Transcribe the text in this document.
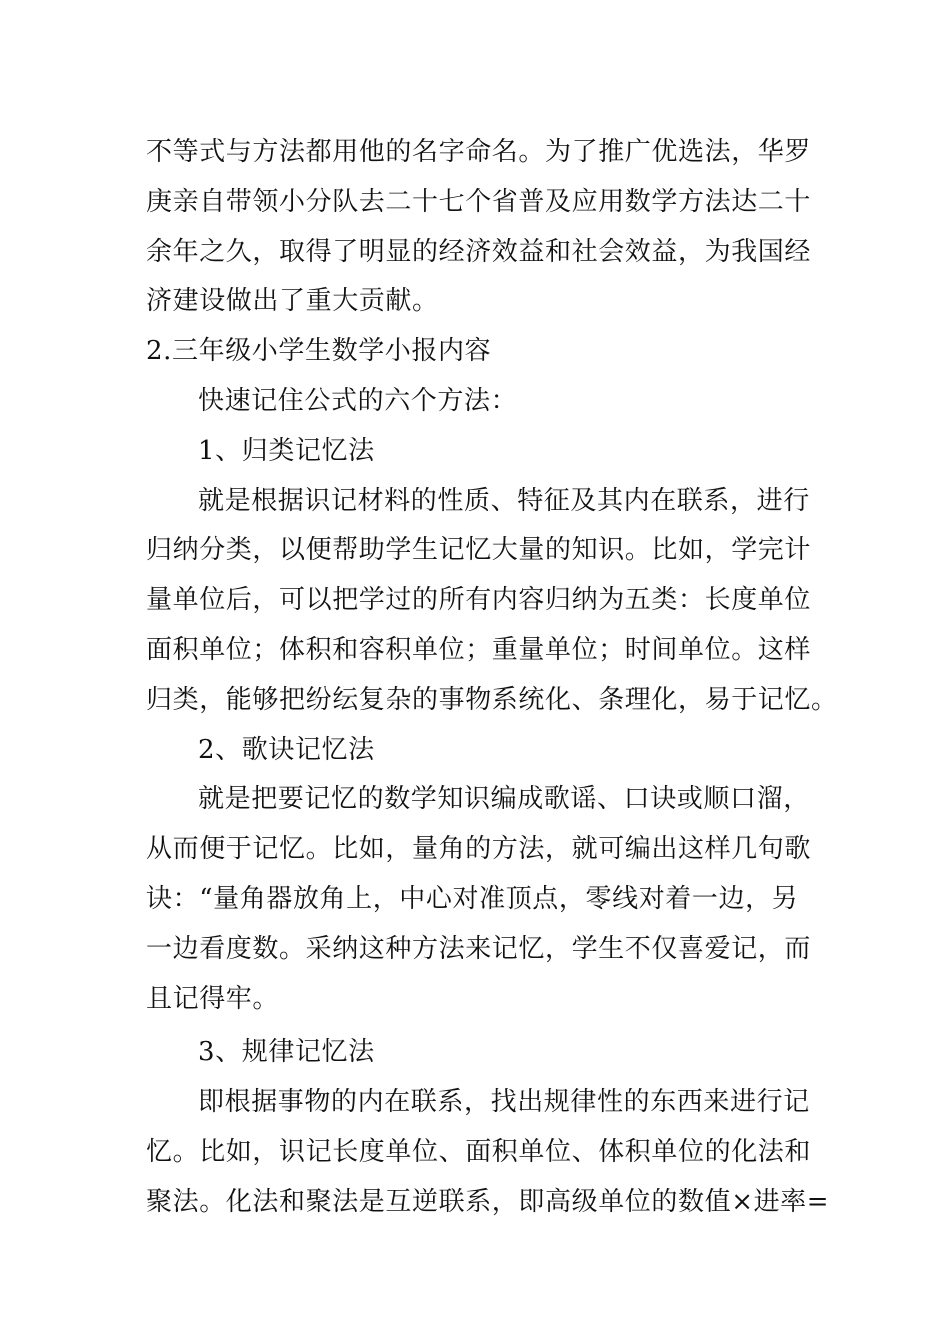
不等式与方法都用他的名字命名。为了推广优选法，华罗
庚亲自带领小分队去二十七个省普及应用数学方法达二十
余年之久，取得了明显的经济效益和社会效益，为我国经
济建设做出了重大贡献。
2.三年级小学生数学小报内容
快速记住公式的六个方法：
1、归类记忆法
就是根据识记材料的性质、特征及其内在联系，进行
归纳分类，以便帮助学生记忆大量的知识。比如，学完计
量单位后，可以把学过的所有内容归纳为五类：长度单位
面积单位；体积和容积单位；重量单位；时间单位。这样
归类，能够把纷纭复杂的事物系统化、条理化，易于记忆。
2、歌诀记忆法
就是把要记忆的数学知识编成歌谣、口诀或顺口溜，
从而便于记忆。比如，量角的方法，就可编出这样几句歌
诀：“量角器放角上，中心对准顶点，零线对着一边，另
一边看度数。采纳这种方法来记忆，学生不仅喜爱记，而
且记得牢。
3、规律记忆法
即根据事物的内在联系，找出规律性的东西来进行记
忆。比如，识记长度单位、面积单位、体积单位的化法和
聚法。化法和聚法是互逆联系，即高级单位的数值×进率=
